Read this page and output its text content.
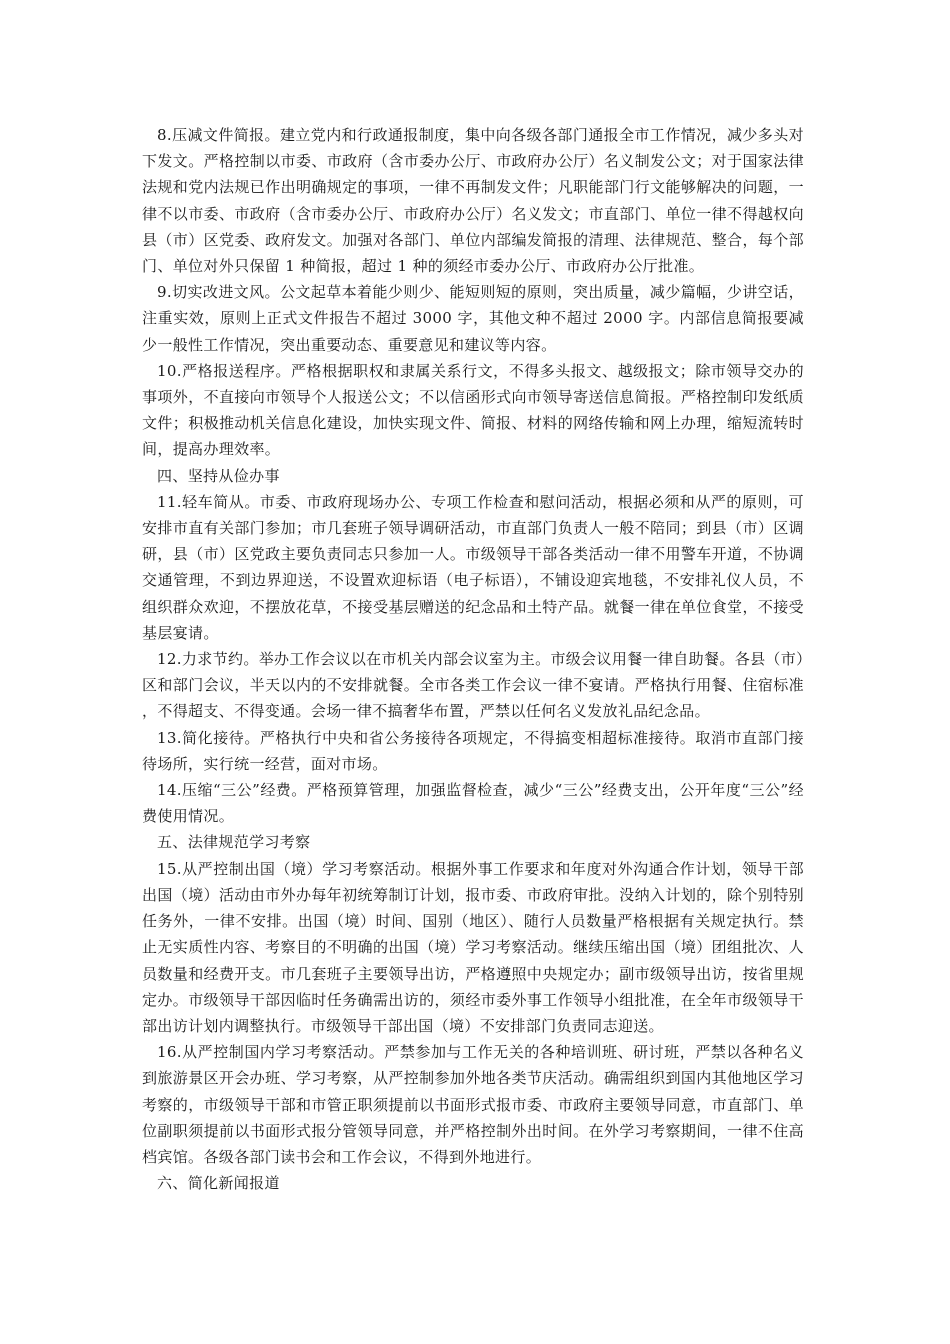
8.压减文件简报。建立党内和行政通报制度，集中向各级各部门通报全市工作情况，减少多头对下发文。严格控制以市委、市政府（含市委办公厅、市政府办公厅）名义制发公文；对于国家法律法规和党内法规已作出明确规定的事项，一律不再制发文件；凡职能部门行文能够解决的问题，一律不以市委、市政府（含市委办公厅、市政府办公厅）名义发文；市直部门、单位一律不得越权向县（市）区党委、政府发文。加强对各部门、单位内部编发简报的清理、法律规范、整合，每个部门、单位对外只保留 1 种简报，超过 1 种的须经市委办公厅、市政府办公厅批准。

9.切实改进文风。公文起草本着能少则少、能短则短的原则，突出质量，减少篇幅，少讲空话，注重实效，原则上正式文件报告不超过 3000 字，其他文种不超过 2000 字。内部信息简报要减少一般性工作情况，突出重要动态、重要意见和建议等内容。

10.严格报送程序。严格根据职权和隶属关系行文，不得多头报文、越级报文；除市领导交办的事项外，不直接向市领导个人报送公文；不以信函形式向市领导寄送信息简报。严格控制印发纸质文件；积极推动机关信息化建设，加快实现文件、简报、材料的网络传输和网上办理，缩短流转时间，提高办理效率。

四、坚持从俭办事

11.轻车简从。市委、市政府现场办公、专项工作检查和慰问活动，根据必须和从严的原则，可安排市直有关部门参加；市几套班子领导调研活动，市直部门负责人一般不陪同；到县（市）区调研，县（市）区党政主要负责同志只参加一人。市级领导干部各类活动一律不用警车开道，不协调交通管理，不到边界迎送，不设置欢迎标语（电子标语），不铺设迎宾地毯，不安排礼仪人员，不组织群众欢迎，不摆放花草，不接受基层赠送的纪念品和土特产品。就餐一律在单位食堂，不接受基层宴请。

12.力求节约。举办工作会议以在市机关内部会议室为主。市级会议用餐一律自助餐。各县（市）区和部门会议，半天以内的不安排就餐。全市各类工作会议一律不宴请。严格执行用餐、住宿标准，不得超支、不得变通。会场一律不搞奢华布置，严禁以任何名义发放礼品纪念品。

13.简化接待。严格执行中央和省公务接待各项规定，不得搞变相超标准接待。取消市直部门接待场所，实行统一经营，面对市场。

14.压缩“三公”经费。严格预算管理，加强监督检查，减少“三公”经费支出，公开年度“三公”经费使用情况。

五、法律规范学习考察

15.从严控制出国（境）学习考察活动。根据外事工作要求和年度对外沟通合作计划，领导干部出国（境）活动由市外办每年初统筹制订计划，报市委、市政府审批。没纳入计划的，除个别特别任务外，一律不安排。出国（境）时间、国别（地区）、随行人员数量严格根据有关规定执行。禁止无实质性内容、考察目的不明确的出国（境）学习考察活动。继续压缩出国（境）团组批次、人员数量和经费开支。市几套班子主要领导出访，严格遵照中央规定办；副市级领导出访，按省里规定办。市级领导干部因临时任务确需出访的，须经市委外事工作领导小组批准，在全年市级领导干部出访计划内调整执行。市级领导干部出国（境）不安排部门负责同志迎送。

16.从严控制国内学习考察活动。严禁参加与工作无关的各种培训班、研讨班，严禁以各种名义到旅游景区开会办班、学习考察，从严控制参加外地各类节庆活动。确需组织到国内其他地区学习考察的，市级领导干部和市管正职须提前以书面形式报市委、市政府主要领导同意，市直部门、单位副职须提前以书面形式报分管领导同意，并严格控制外出时间。在外学习考察期间，一律不住高档宾馆。各级各部门读书会和工作会议，不得到外地进行。

六、简化新闻报道
